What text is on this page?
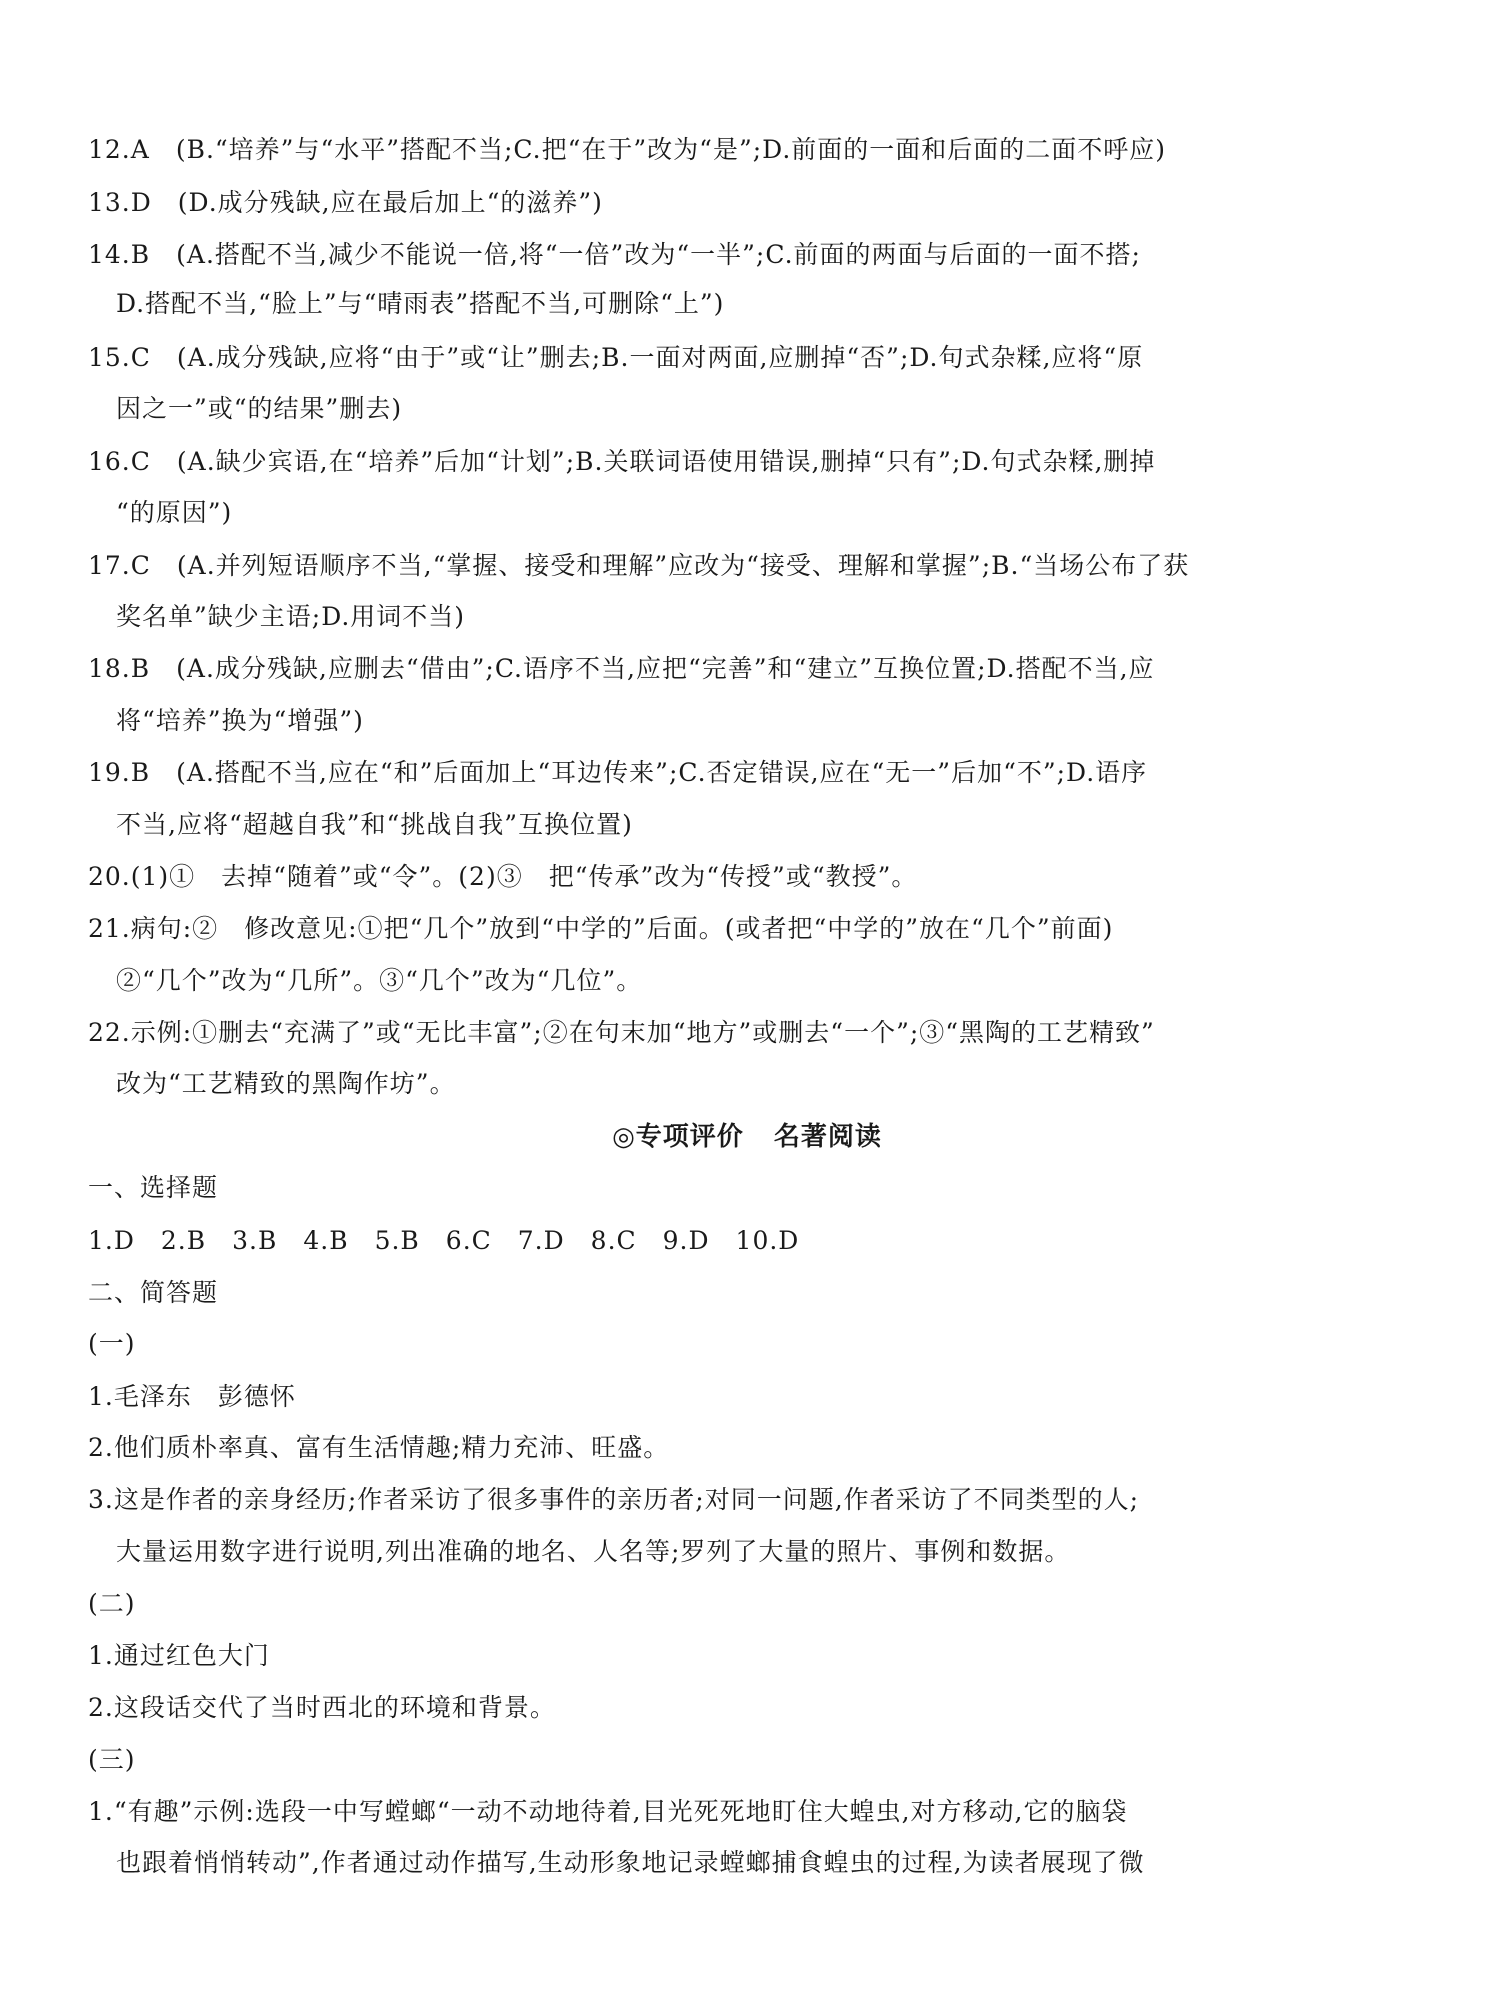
12.A　(B.“培养”与“水平”搭配不当;C.把“在于”改为“是”;D.前面的一面和后面的二面不呼应)
13.D　(D.成分残缺,应在最后加上“的滋养”)
14.B　(A.搭配不当,减少不能说一倍,将“一倍”改为“一半”;C.前面的两面与后面的一面不搭;
D.搭配不当,“脸上”与“晴雨表”搭配不当,可删除“上”)
15.C　(A.成分残缺,应将“由于”或“让”删去;B.一面对两面,应删掉“否”;D.句式杂糅,应将“原
因之一”或“的结果”删去)
16.C　(A.缺少宾语,在“培养”后加“计划”;B.关联词语使用错误,删掉“只有”;D.句式杂糅,删掉
“的原因”)
17.C　(A.并列短语顺序不当,“掌握、接受和理解”应改为“接受、理解和掌握”;B.“当场公布了获
奖名单”缺少主语;D.用词不当)
18.B　(A.成分残缺,应删去“借由”;C.语序不当,应把“完善”和“建立”互换位置;D.搭配不当,应
将“培养”换为“增强”)
19.B　(A.搭配不当,应在“和”后面加上“耳边传来”;C.否定错误,应在“无一”后加“不”;D.语序
不当,应将“超越自我”和“挑战自我”互换位置)
20.(1)①　去掉“随着”或“令”。(2)③　把“传承”改为“传授”或“教授”。
21.病句:②　修改意见:①把“几个”放到“中学的”后面。(或者把“中学的”放在“几个”前面)
②“几个”改为“几所”。③“几个”改为“几位”。
22.示例:①删去“充满了”或“无比丰富”;②在句末加“地方”或删去“一个”;③“黑陶的工艺精致”
改为“工艺精致的黑陶作坊”。
◎专项评价 名著阅读
一、选择题
1.D　2.B　3.B　4.B　5.B　6.C　7.D　8.C　9.D　10.D
二、简答题
(一)
1.毛泽东　彭德怀
2.他们质朴率真、富有生活情趣;精力充沛、旺盛。
3.这是作者的亲身经历;作者采访了很多事件的亲历者;对同一问题,作者采访了不同类型的人;
大量运用数字进行说明,列出准确的地名、人名等;罗列了大量的照片、事例和数据。
(二)
1.通过红色大门
2.这段话交代了当时西北的环境和背景。
(三)
1.“有趣”示例:选段一中写螳螂“一动不动地待着,目光死死地盯住大蝗虫,对方移动,它的脑袋
也跟着悄悄转动”,作者通过动作描写,生动形象地记录螳螂捕食蝗虫的过程,为读者展现了微
